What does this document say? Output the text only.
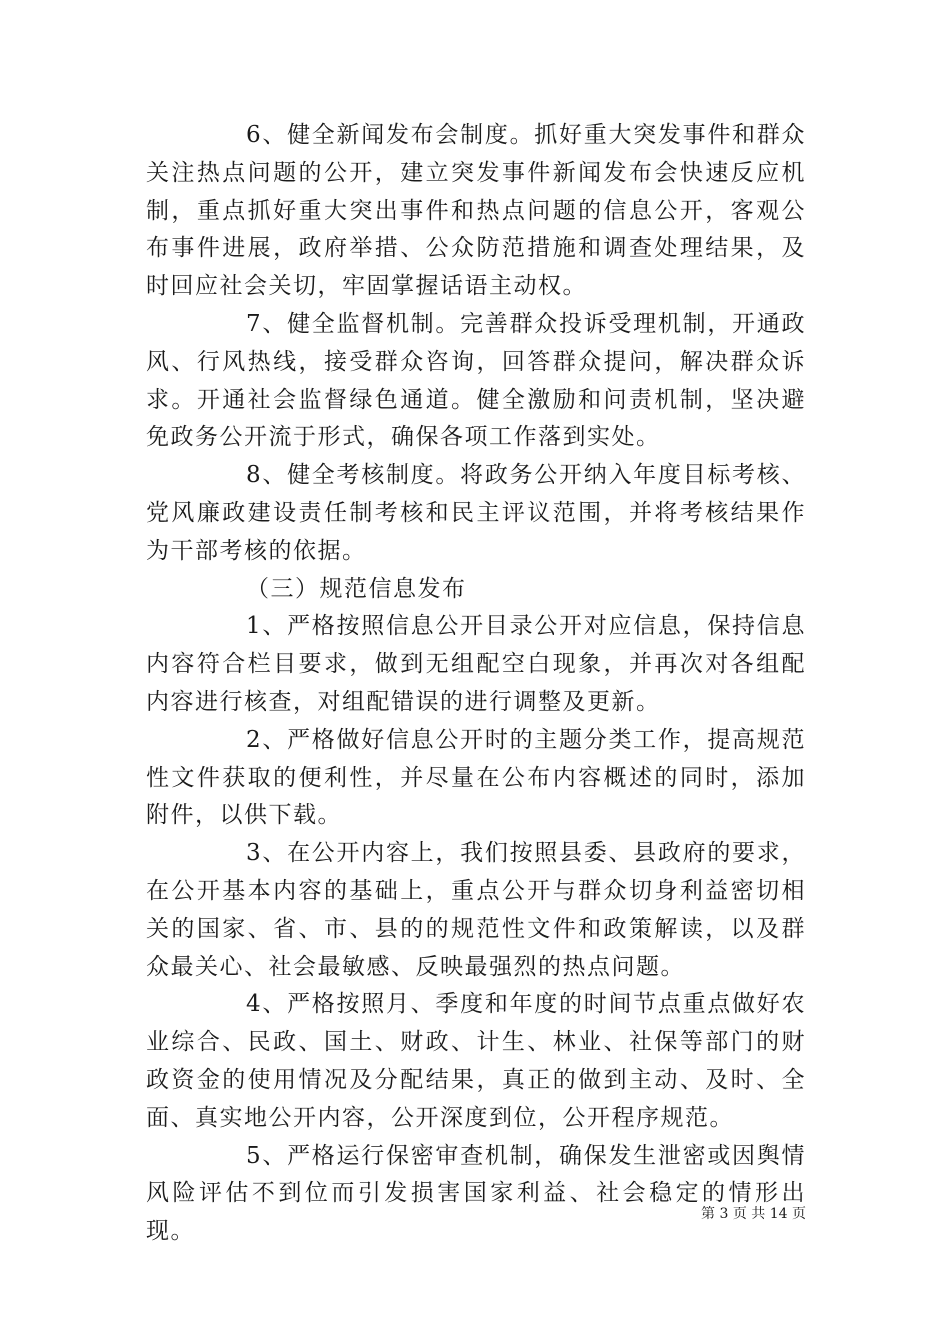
6、健全新闻发布会制度。抓好重大突发事件和群众关注热点问题的公开，建立突发事件新闻发布会快速反应机制，重点抓好重大突出事件和热点问题的信息公开，客观公布事件进展，政府举措、公众防范措施和调查处理结果，及时回应社会关切，牢固掌握话语主动权。

7、健全监督机制。完善群众投诉受理机制，开通政风、行风热线，接受群众咨询，回答群众提问，解决群众诉求。开通社会监督绿色通道。健全激励和问责机制，坚决避免政务公开流于形式，确保各项工作落到实处。

8、健全考核制度。将政务公开纳入年度目标考核、党风廉政建设责任制考核和民主评议范围，并将考核结果作为干部考核的依据。

（三）规范信息发布

1、严格按照信息公开目录公开对应信息，保持信息内容符合栏目要求，做到无组配空白现象，并再次对各组配内容进行核查，对组配错误的进行调整及更新。

2、严格做好信息公开时的主题分类工作，提高规范性文件获取的便利性，并尽量在公布内容概述的同时，添加附件，以供下载。

3、在公开内容上，我们按照县委、县政府的要求，在公开基本内容的基础上，重点公开与群众切身利益密切相关的国家、省、市、县的的规范性文件和政策解读，以及群众最关心、社会最敏感、反映最强烈的热点问题。

4、严格按照月、季度和年度的时间节点重点做好农业综合、民政、国土、财政、计生、林业、社保等部门的财政资金的使用情况及分配结果，真正的做到主动、及时、全面、真实地公开内容，公开深度到位，公开程序规范。

5、严格运行保密审查机制，确保发生泄密或因舆情风险评估不到位而引发损害国家利益、社会稳定的情形出现。

第 3 页 共 14 页
